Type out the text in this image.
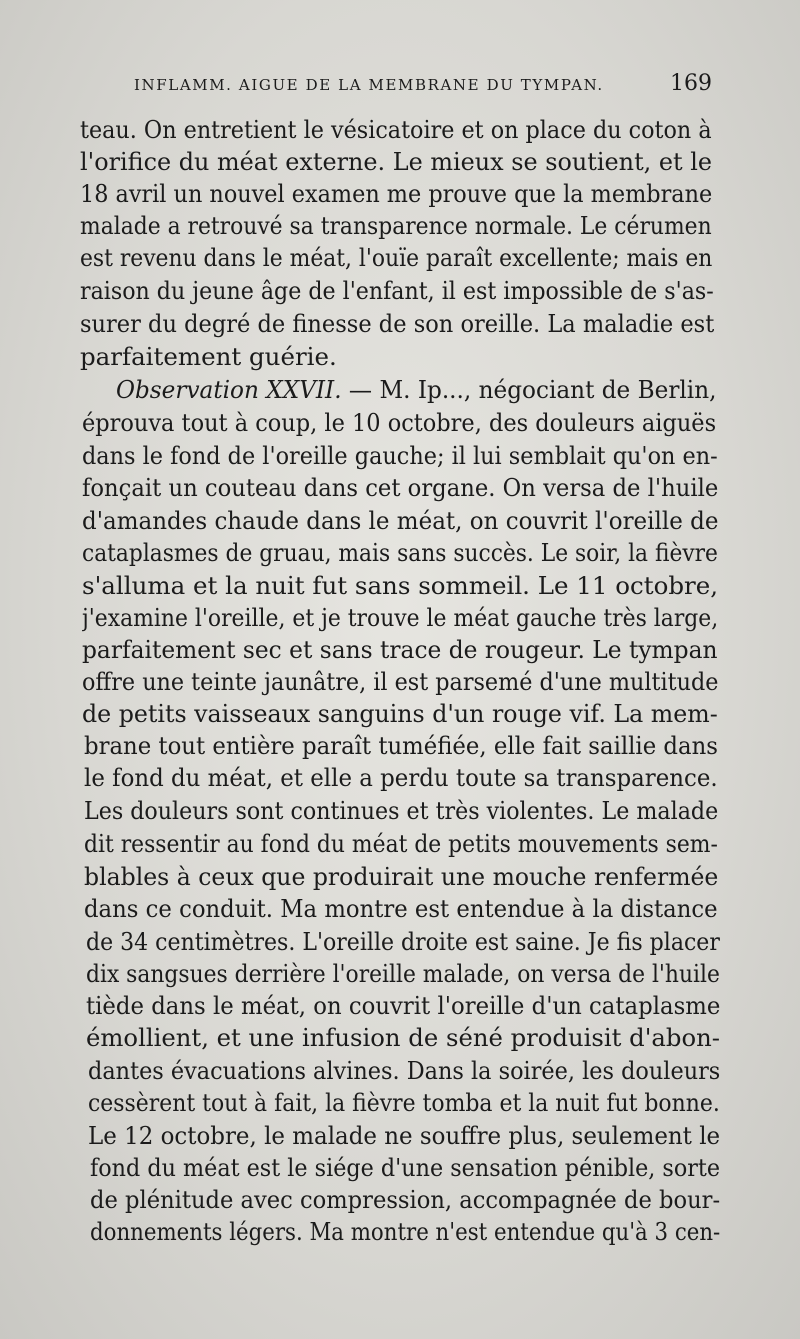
INFLAMM. AIGUE DE LA MEMBRANE DU TYMPAN.	169
teau. On entretient le vésicatoire et on place du coton à
l'orifice du méat externe. Le mieux se soutient, et le
18 avril un nouvel examen me prouve que la membrane
malade a retrouvé sa transparence normale. Le cérumen
est revenu dans le méat, l'ouïe paraît excellente; mais en
raison du jeune âge de l'enfant, il est impossible de s'as-
surer du degré de finesse de son oreille. La maladie est
parfaitement guérie.
Observation XXVII. — M. Ip..., négociant de Berlin,
éprouva tout à coup, le 10 octobre, des douleurs aiguës
dans le fond de l'oreille gauche; il lui semblait qu'on en-
fonçait un couteau dans cet organe. On versa de l'huile
d'amandes chaude dans le méat, on couvrit l'oreille de
cataplasmes de gruau, mais sans succès. Le soir, la fièvre
s'alluma et la nuit fut sans sommeil. Le 11 octobre,
j'examine l'oreille, et je trouve le méat gauche très large,
parfaitement sec et sans trace de rougeur. Le tympan
offre une teinte jaunâtre, il est parsemé d'une multitude
de petits vaisseaux sanguins d'un rouge vif. La mem-
brane tout entière paraît tuméfiée, elle fait saillie dans
le fond du méat, et elle a perdu toute sa transparence.
Les douleurs sont continues et très violentes. Le malade
dit ressentir au fond du méat de petits mouvements sem-
blables à ceux que produirait une mouche renfermée
dans ce conduit. Ma montre est entendue à la distance
de 34 centimètres. L'oreille droite est saine. Je fis placer
dix sangsues derrière l'oreille malade, on versa de l'huile
tiède dans le méat, on couvrit l'oreille d'un cataplasme
émollient, et une infusion de séné produisit d'abon-
dantes évacuations alvines. Dans la soirée, les douleurs
cessèrent tout à fait, la fièvre tomba et la nuit fut bonne.
Le 12 octobre, le malade ne souffre plus, seulement le
fond du méat est le siége d'une sensation pénible, sorte
de plénitude avec compression, accompagnée de bour-
donnements légers. Ma montre n'est entendue qu'à 3 cen-
